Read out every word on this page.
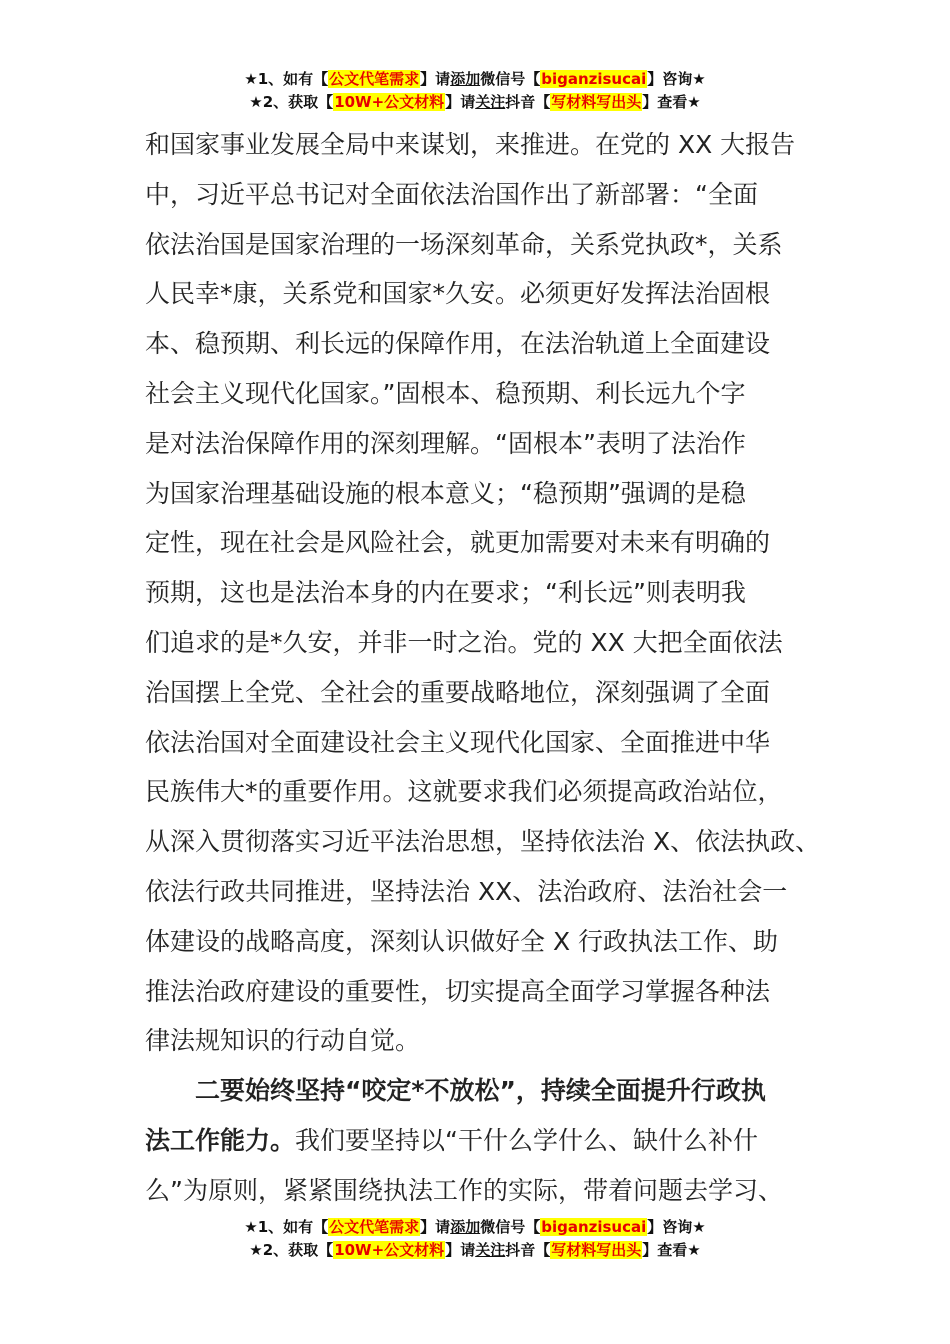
★1、如有【公文代笔需求】请添加微信号【biganzisucai】咨询★
★2、获取【10W+公文材料】请关注抖音【写材料写出头】查看★
和国家事业发展全局中来谋划，来推进。在党的 XX 大报告
中，习近平总书记对全面依法治国作出了新部署：“全面
依法治国是国家治理的一场深刻革命，关系党执政*，关系
人民幸*康，关系党和国家*久安。必须更好发挥法治固根
本、稳预期、利长远的保障作用，在法治轨道上全面建设
社会主义现代化国家。”固根本、稳预期、利长远九个字
是对法治保障作用的深刻理解。“固根本”表明了法治作
为国家治理基础设施的根本意义；“稳预期”强调的是稳
定性，现在社会是风险社会，就更加需要对未来有明确的
预期，这也是法治本身的内在要求；“利长远”则表明我
们追求的是*久安，并非一时之治。党的 XX 大把全面依法
治国摆上全党、全社会的重要战略地位，深刻强调了全面
依法治国对全面建设社会主义现代化国家、全面推进中华
民族伟大*的重要作用。这就要求我们必须提高政治站位，
从深入贯彻落实习近平法治思想，坚持依法治 X、依法执政、
依法行政共同推进，坚持法治 XX、法治政府、法治社会一
体建设的战略高度，深刻认识做好全 X 行政执法工作、助
推法治政府建设的重要性，切实提高全面学习掌握各种法
律法规知识的行动自觉。
二要始终坚持“咬定*不放松”，持续全面提升行政执
法工作能力。我们要坚持以“干什么学什么、缺什么补什
么”为原则，紧紧围绕执法工作的实际，带着问题去学习、
★1、如有【公文代笔需求】请添加微信号【biganzisucai】咨询★
★2、获取【10W+公文材料】请关注抖音【写材料写出头】查看★
